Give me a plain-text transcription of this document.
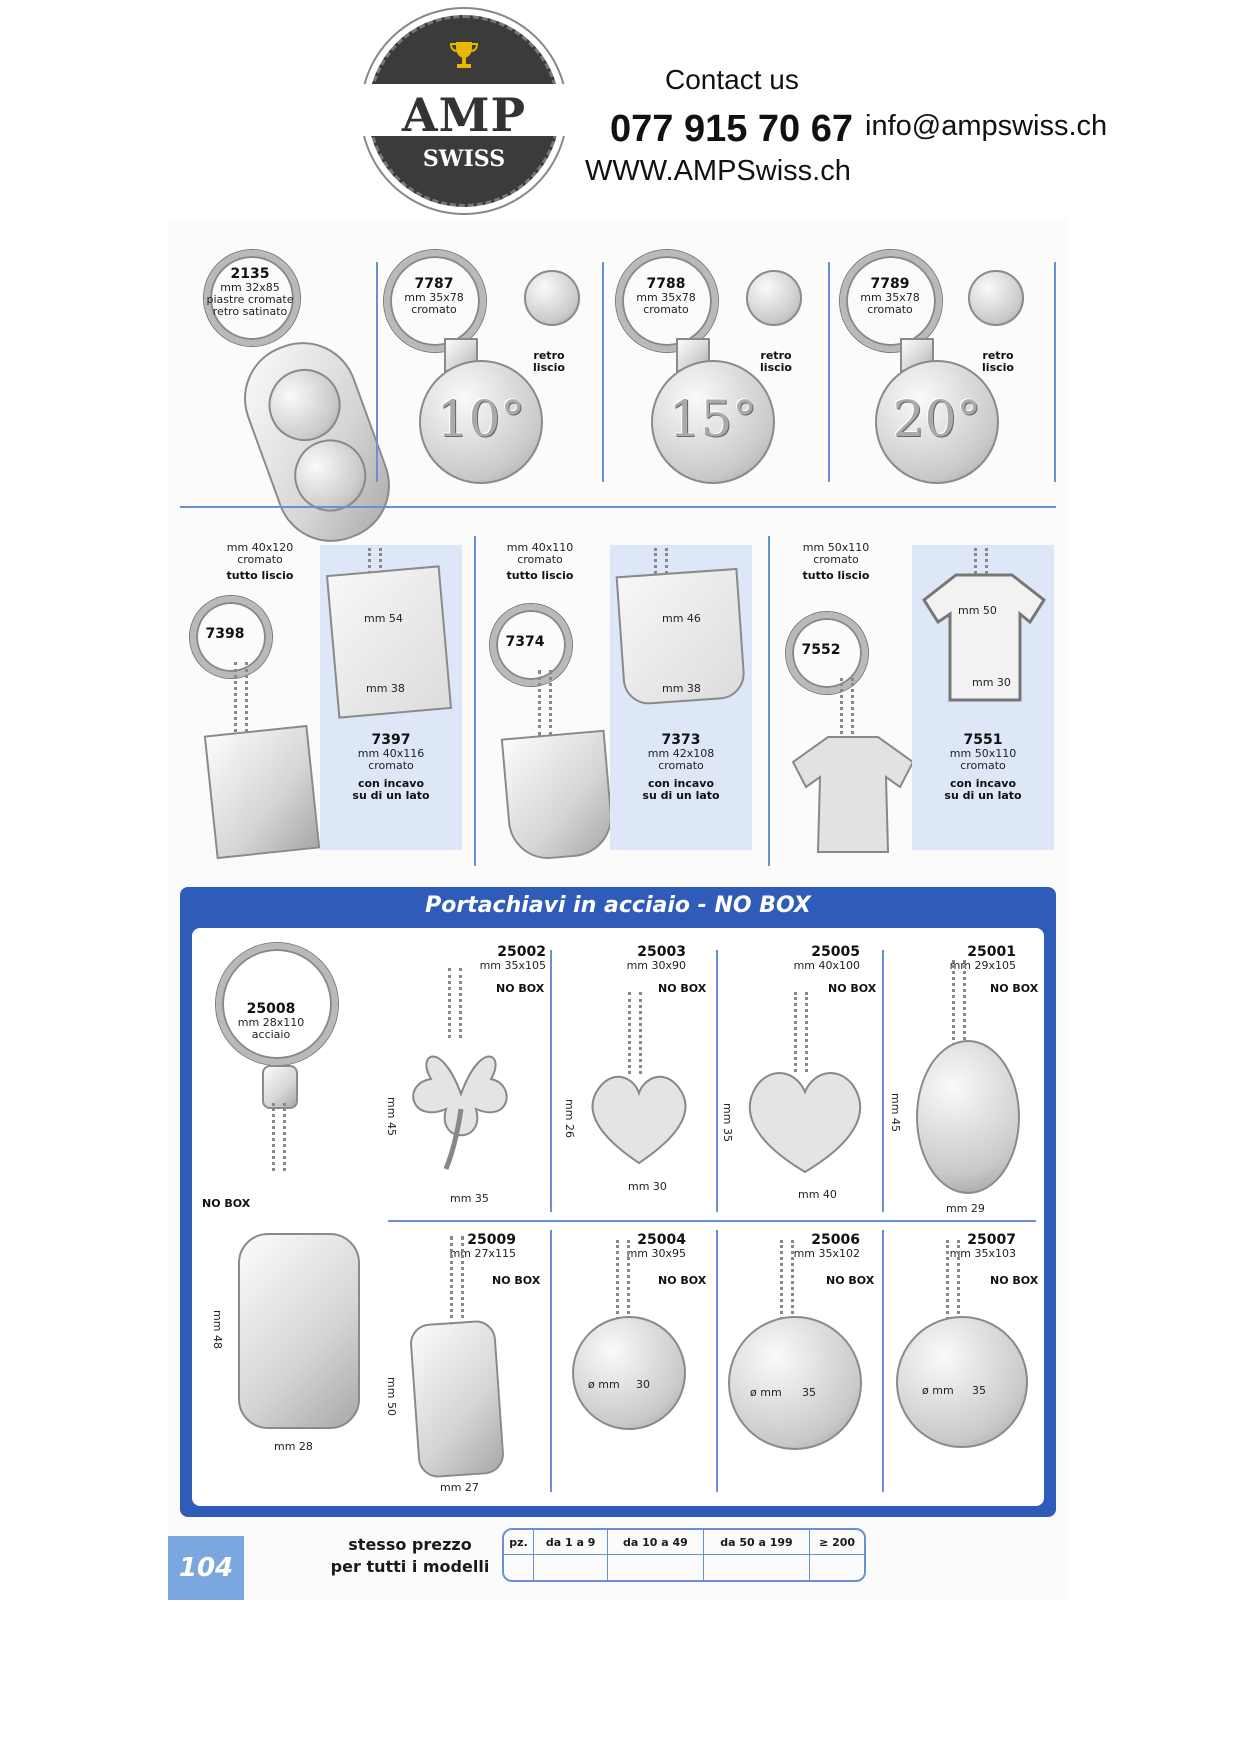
AMP
SWISS
Contact us
077 915 70 67 info@ampswiss.ch
WWW.AMPSwiss.ch
2135
mm 32x85
piastre cromate
retro satinato
7787
mm 35x78
cromato
10°
retro
liscio
7788
mm 35x78
cromato
15°
retro
liscio
7789
mm 35x78
cromato
20°
retro
liscio
mm 40x120
cromato
tutto liscio
7398
mm 54
mm 38
7397
mm 40x116
cromato
con incavo
su di un lato
mm 40x110
cromato
tutto liscio
7374
mm 46
mm 38
7373
mm 42x108
cromato
con incavo
su di un lato
mm 50x110
cromato
tutto liscio
7552
mm 50
mm 30
7551
mm 50x110
cromato
con incavo
su di un lato
Portachiavi in acciaio - NO BOX
25008
mm 28x110
acciaio
NO BOX
mm 48
mm 28
25002
mm 35x105
NO BOX
mm 45
mm 35
25003
mm 30x90
NO BOX
mm 26
mm 30
25005
mm 40x100
NO BOX
mm 35
mm 40
25001
mm 29x105
NO BOX
mm 45
mm 29
25009
mm 27x115
NO BOX
mm 50
mm 27
25004
mm 30x95
NO BOX
ø mm 30
25006
mm 35x102
NO BOX
ø mm 35
25007
mm 35x103
NO BOX
ø mm 35
104
stesso prezzo
per tutti i modelli
pz.	da 1 a 9	da 10 a 49	da 50 a 199	≥ 200
